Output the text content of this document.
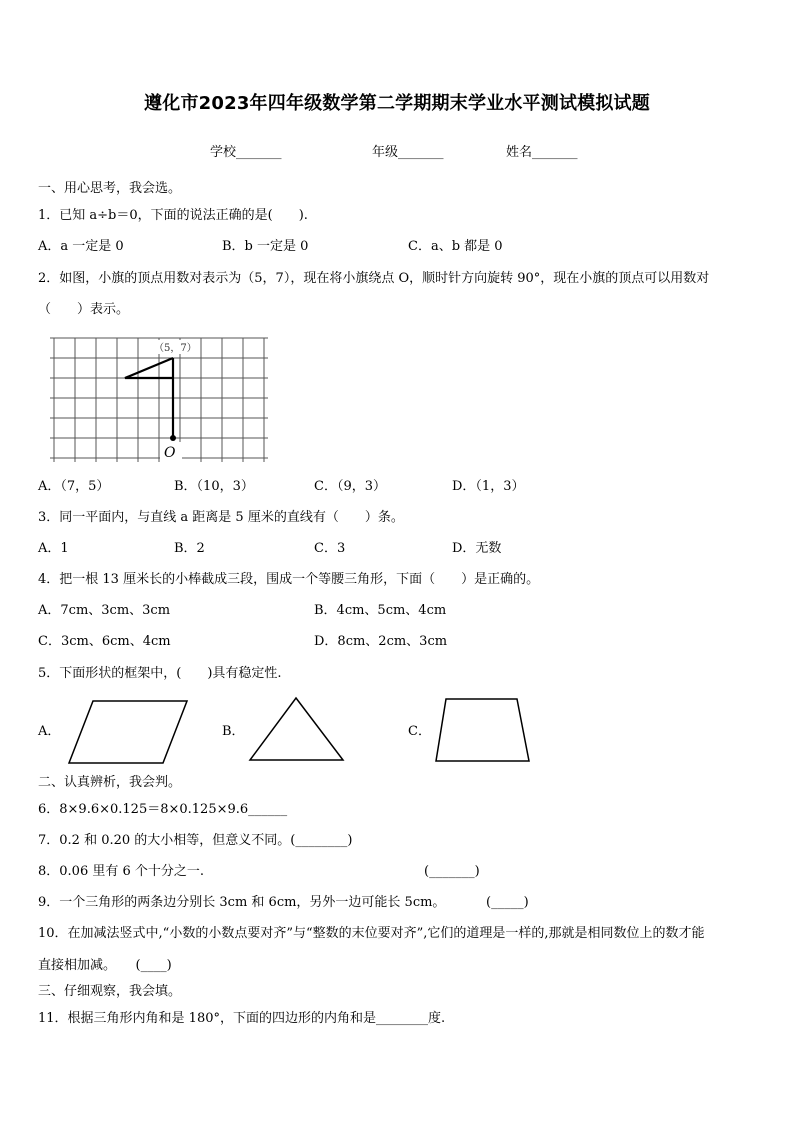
遵化市2023年四年级数学第二学期期末学业水平测试模拟试题
学校_______	年级_______	姓名_______
一、用心思考，我会选。
1．已知 a÷b＝0，下面的说法正确的是(　　).
A．a 一定是 0	B．b 一定是 0	C．a、b 都是 0
2．如图，小旗的顶点用数对表示为（5，7），现在将小旗绕点 O，顺时针方向旋转 90°，现在小旗的顶点可以用数对
（　　）表示。
（5，7）
O
A．（7，5）	B．（10，3）	C．（9，3）	D．（1，3）
3．同一平面内，与直线 a 距离是 5 厘米的直线有（　　）条。
A．1	B．2	C．3	D．无数
4．把一根 13 厘米长的小棒截成三段，围成一个等腰三角形，下面（　　）是正确的。
A．7cm、3cm、3cm	B．4cm、5cm、4cm
C．3cm、6cm、4cm	D．8cm、2cm、3cm
5．下面形状的框架中，(　　)具有稳定性.
A．	B．	C．
二、认真辨析，我会判。
6．8×9.6×0.125＝8×0.125×9.6______
7．0.2 和 0.20 的大小相等，但意义不同。(________)
8．0.06 里有 6 个十分之一.	(_______)
9．一个三角形的两条边分别长 3cm 和 6cm，另外一边可能长 5cm。	(_____)
10．在加减法竖式中,“小数的小数点要对齐”与“整数的末位要对齐”,它们的道理是一样的,那就是相同数位上的数才能
直接相加减。　　(____)
三、仔细观察，我会填。
11．根据三角形内角和是 180°，下面的四边形的内角和是________度.
